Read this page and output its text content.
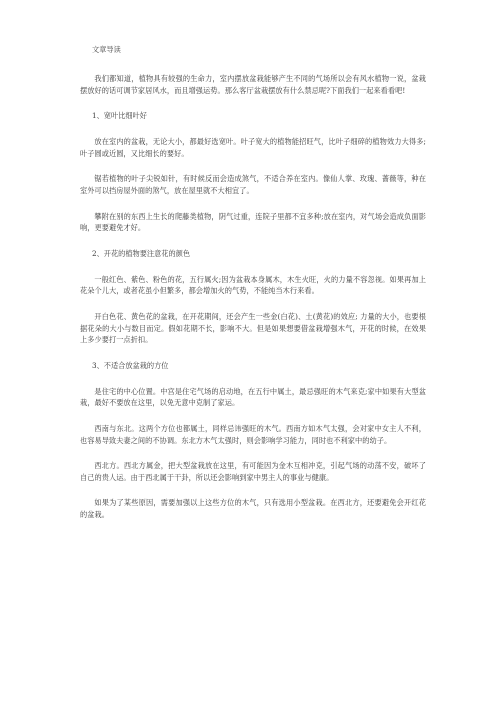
文章导读

我们都知道，植物具有较强的生命力，室内摆放盆栽能够产生不同的气场所以会有风水植物一说，盆栽摆放好的话可调节家居风水，而且增强运势。那么客厅盆栽摆放有什么禁忌呢?下面我们一起来看看吧!

1、宽叶比细叶好

放在室内的盆栽，无论大小，都最好选宽叶。叶子宽大的植物能招旺气，比叶子细碎的植物效力大得多;叶子圆或近圆，又比细长的要好。

锯若植物的叶子尖锐如针，有时候反而会造成煞气，不适合养在室内。像仙人掌、玫瑰、蔷薇等，种在室外可以挡房屋外面的煞气，放在屋里就不大相宜了。

攀附在别的东西上生长的爬藤类植物，阴气过重，连院子里都不宜多种;放在室内，对气场会造成负面影响，更要避免才好。

2、开花的植物要注意花的颜色

一般红色、紫色、粉色的花，五行属火;因为盆栽本身属木，木生火旺，火的力量不容忽视。如果再加上花朵个儿大，或者花虽小但繁多，都会增加火的气势，不能纯当木行来看。

开白色花、黄色花的盆栽，在开花期间，还会产生一些金(白花)、土(黄花)的效应; 力量的大小，也要根据花朵的大小与数目而定。假如花期不长，影响不大。但是如果想要借盆栽增强木气，开花的时候，在效果上多少要打一点折扣。

3、不适合放盆栽的方位

是住宅的中心位置。中宫是住宅气场的启动地，在五行中属土，最忌强旺的木气来克;家中如果有大型盆栽，最好不要放在这里，以免无意中克制了家运。

西南与东北。这两个方位也都属土，同样忌讳强旺的木气。西南方如木气太强，会对家中女主人不利，也容易导致夫妻之间的不协调。东北方木气太强时，则会影响学习能力，同时也不利家中的幼子。

西北方。西北方属金，把大型盆栽放在这里，有可能因为金木互相冲克，引起气场的动荡不安，破坏了自己的贵人运。由于西北属于干卦，所以还会影响到家中男主人的事业与健康。

如果为了某些原因，需要加强以上这些方位的木气，只有选用小型盆栽。在西北方，还要避免会开红花的盆栽。
